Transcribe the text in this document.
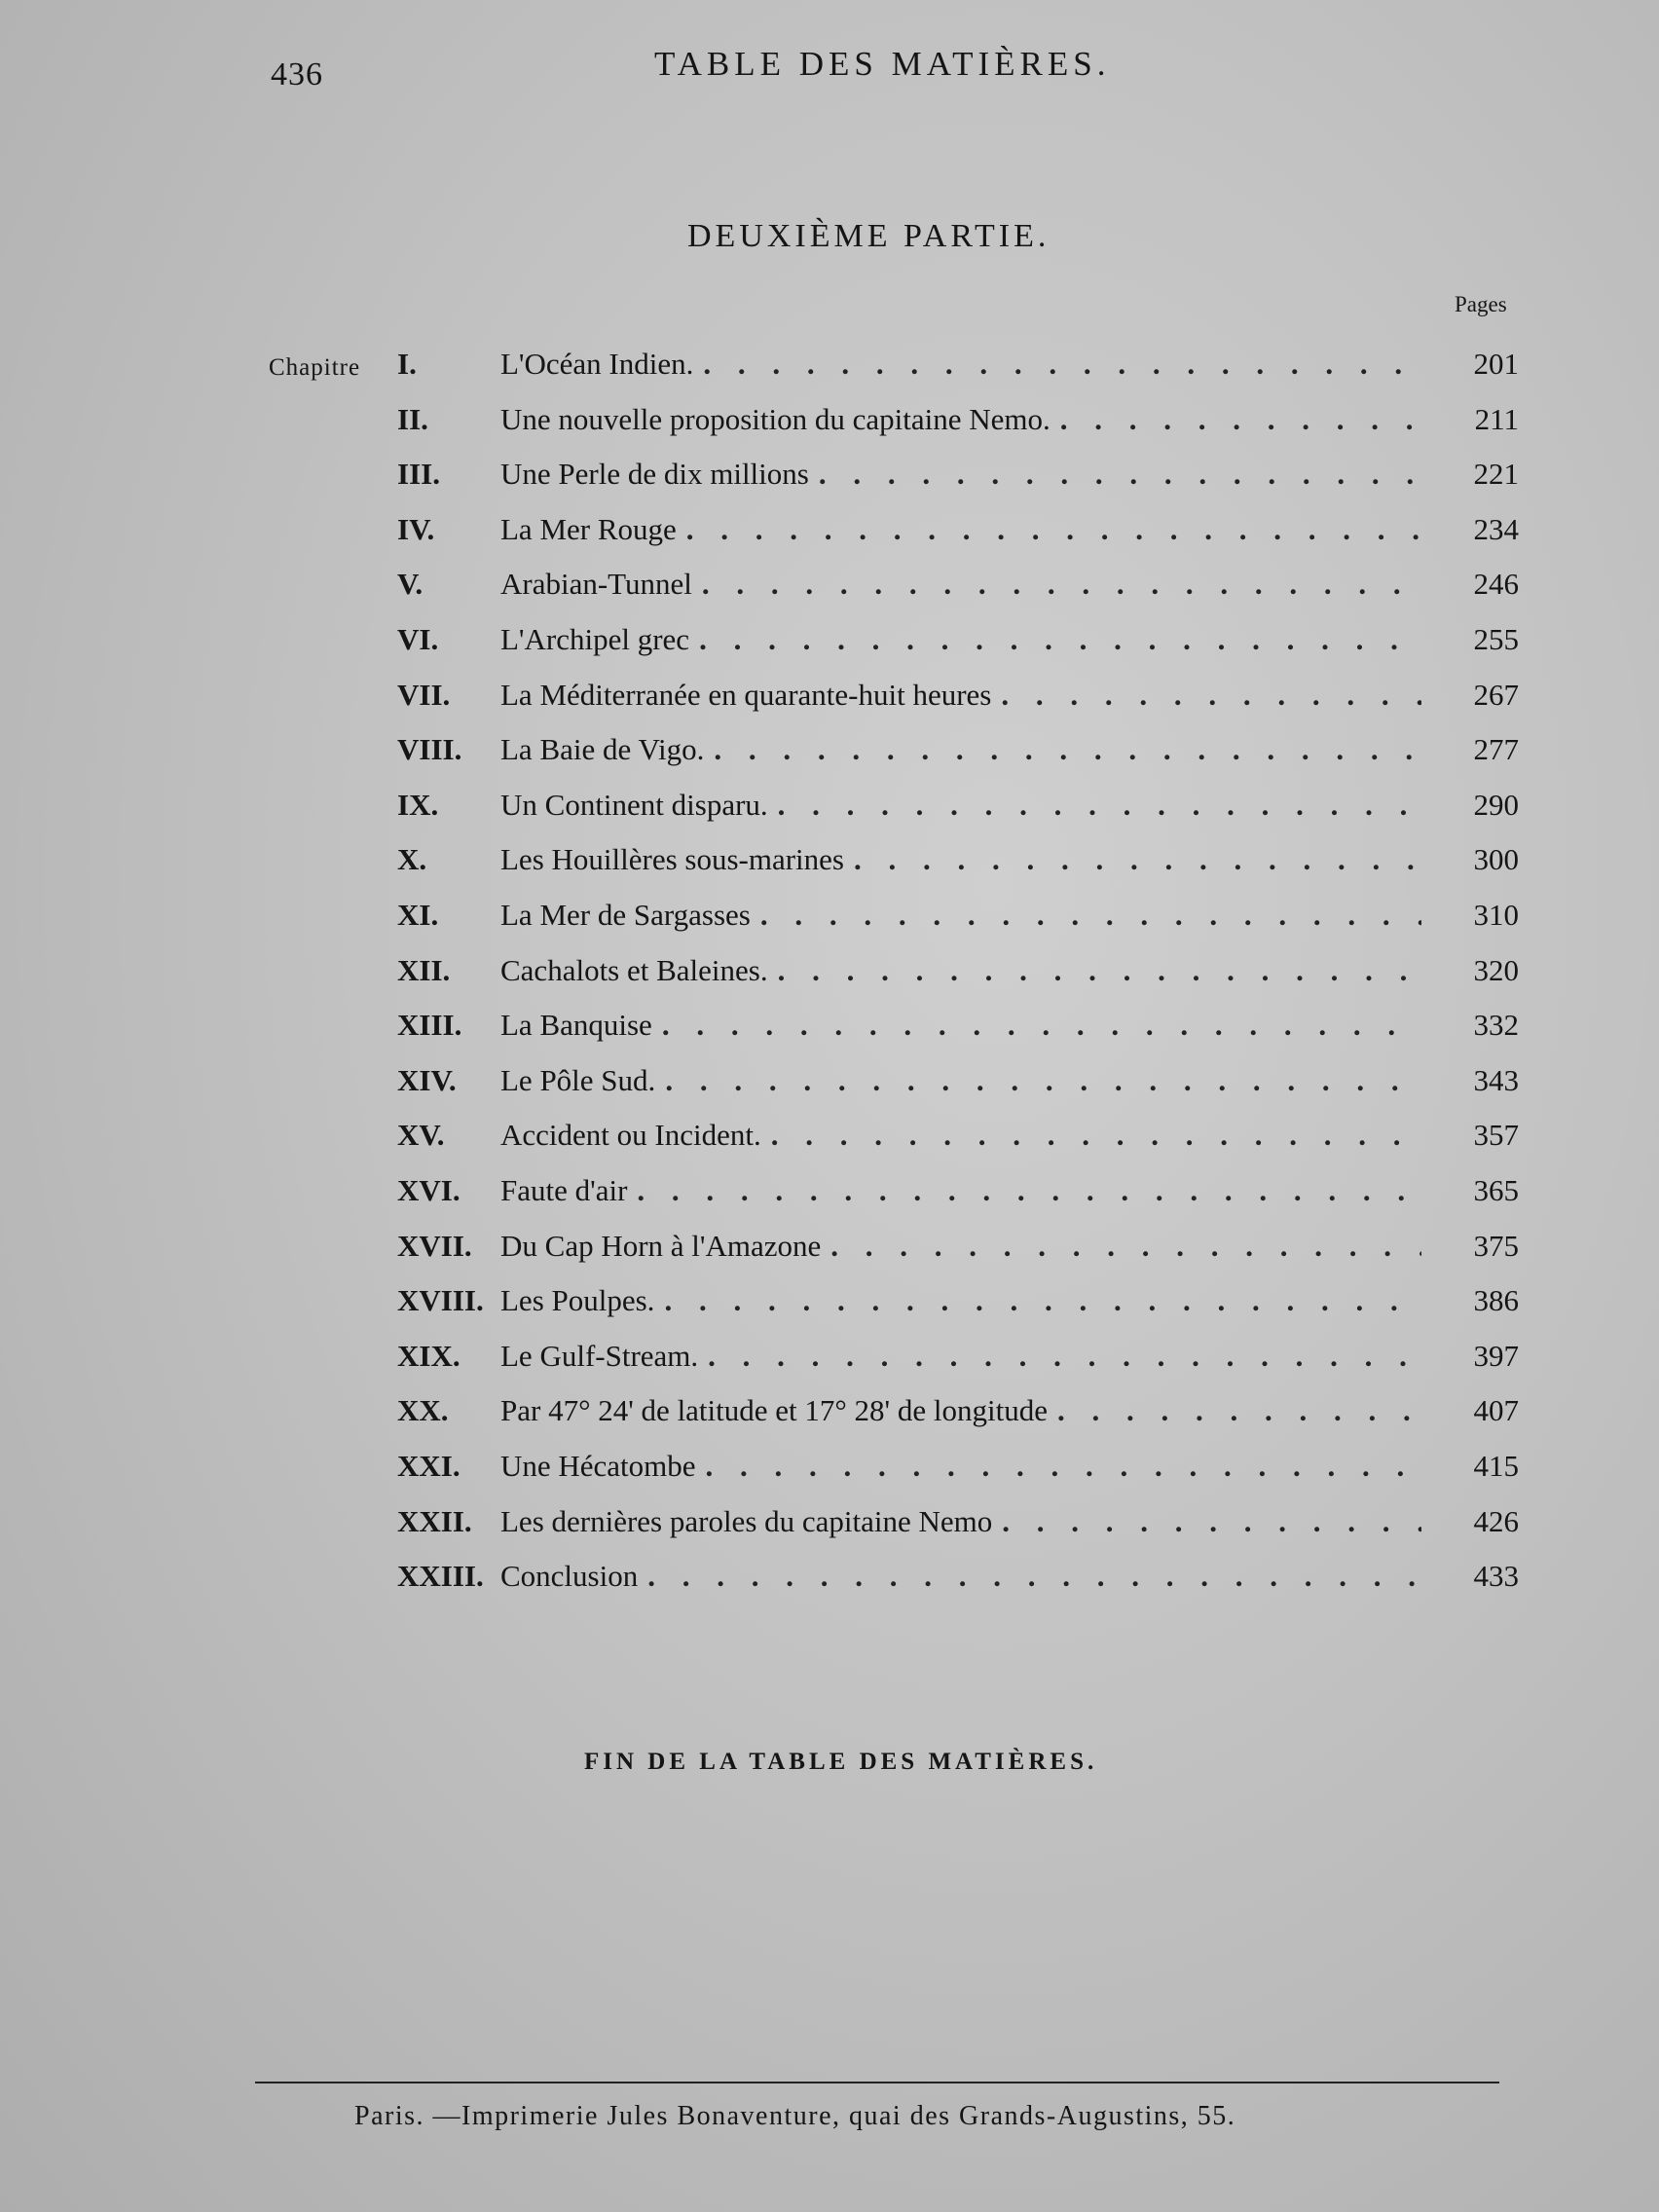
436	TABLE DES MATIÈRES.
DEUXIÈME PARTIE.
Pages
Chapitre I.	L'Océan Indien. . . .	201
II.	Une nouvelle proposition du capitaine Nemo. . . .	211
III.	Une Perle de dix millions . . .	221
IV.	La Mer Rouge . . .	234
V.	Arabian-Tunnel . . .	246
VI.	L'Archipel grec . . .	255
VII.	La Méditerranée en quarante-huit heures . . .	267
VIII.	La Baie de Vigo. . . .	277
IX.	Un Continent disparu. . . .	290
X.	Les Houillères sous-marines . . .	300
XI.	La Mer de Sargasses . . .	310
XII.	Cachalots et Baleines. . . .	320
XIII.	La Banquise . . .	332
XIV.	Le Pôle Sud. . . .	343
XV.	Accident ou Incident. . . .	357
XVI.	Faute d'air . . .	365
XVII. Du Cap Horn à l'Amazone . . .	375
XVIII. Les Poulpes. . . .	386
XIX.	Le Gulf-Stream. . . .	397
XX.	Par 47° 24' de latitude et 17° 28' de longitude . . .	407
XXI.	Une Hécatombe . . .	415
XXII. Les dernières paroles du capitaine Nemo . . .	426
XXIII. Conclusion . . .	433
FIN DE LA TABLE DES MATIÈRES.
Paris. —Imprimerie Jules Bonaventure, quai des Grands-Augustins, 55.
